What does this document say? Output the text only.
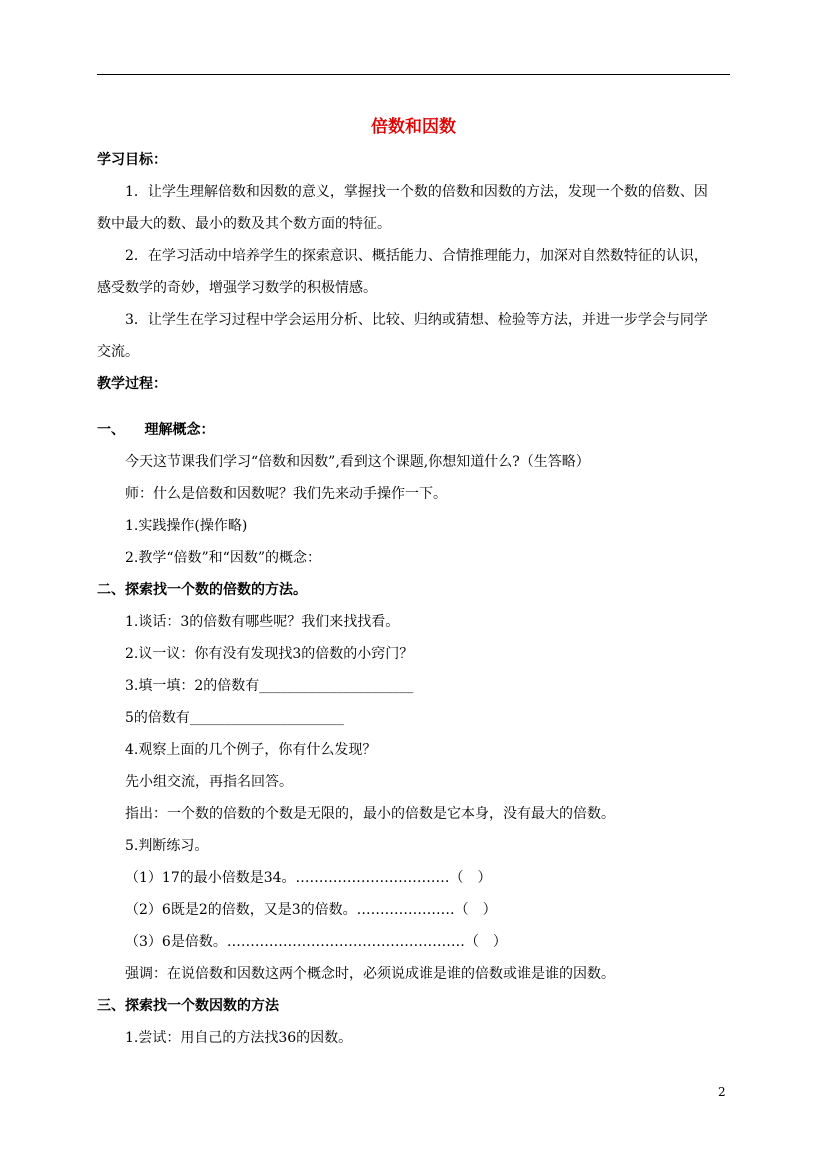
倍数和因数
学习目标：
1．让学生理解倍数和因数的意义，掌握找一个数的倍数和因数的方法，发现一个数的倍数、因
数中最大的数、最小的数及其个数方面的特征。
2．在学习活动中培养学生的探索意识、概括能力、合情推理能力，加深对自然数特征的认识，
感受数学的奇妙，增强学习数学的积极情感。
3．让学生在学习过程中学会运用分析、比较、归纳或猜想、检验等方法，并进一步学会与同学
交流。
教学过程：
一、    理解概念：
今天这节课我们学习“倍数和因数”,看到这个课题,你想知道什么?（生答略）
师：什么是倍数和因数呢？我们先来动手操作一下。
1.实践操作(操作略)
2.教学“倍数”和“因数”的概念：
二、探索找一个数的倍数的方法。
1.谈话：3的倍数有哪些呢？我们来找找看。
2.议一议：你有没有发现找3的倍数的小窍门？
3.填一填：2的倍数有______________________
5的倍数有______________________
4.观察上面的几个例子，你有什么发现？
先小组交流，再指名回答。
指出：一个数的倍数的个数是无限的，最小的倍数是它本身，没有最大的倍数。
5.判断练习。
（1）17的最小倍数是34。……………………………（　）
（2）6既是2的倍数，又是3的倍数。…………………（　）
（3）6是倍数。……………………………………………（　）
强调：在说倍数和因数这两个概念时，必须说成谁是谁的倍数或谁是谁的因数。
三、探索找一个数因数的方法
1.尝试：用自己的方法找36的因数。
2
